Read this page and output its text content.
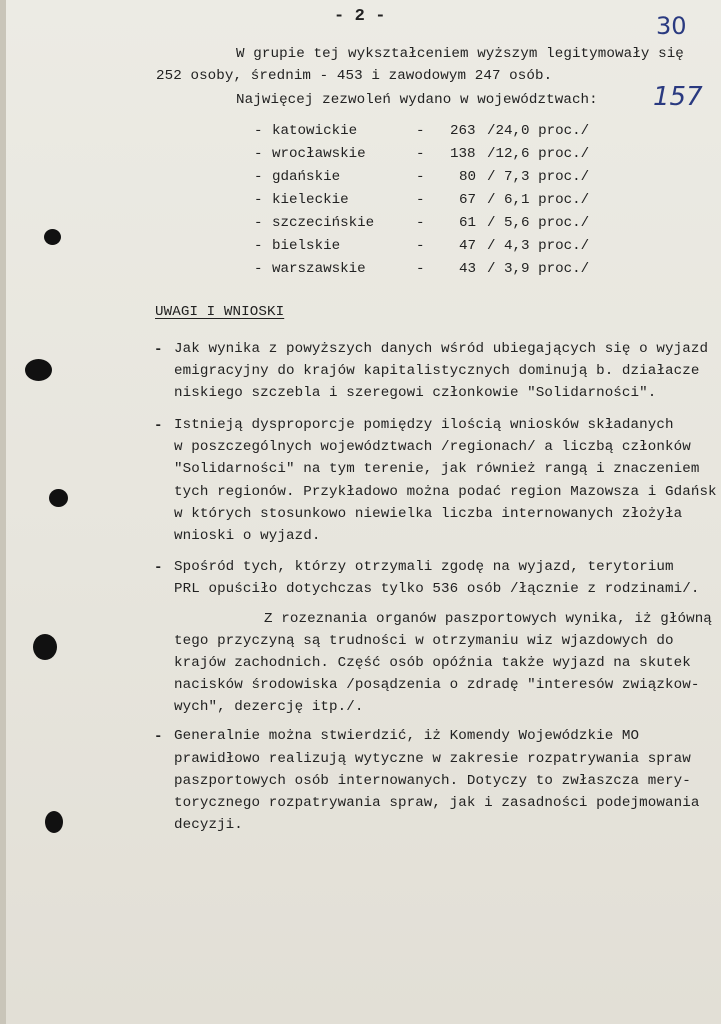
- 2 -	30
157
W grupie tej wykształceniem wyższym legitymowały się
252 osoby, średnim - 453 i zawodowym 247 osób.
Najwięcej zezwoleń wydano w województwach:
- katowickie	- 263 /24,0 proc./
- wrocławskie	- 138 /12,6 proc./
- gdańskie	- 80 / 7,3 proc./
- kieleckie	- 67 / 6,1 proc./
- szczecińskie	- 61 / 5,6 proc./
- bielskie	- 47 / 4,3 proc./
- warszawskie	- 43 / 3,9 proc./
UWAGI I WNIOSKI
- Jak wynika z powyższych danych wśród ubiegających się o wyjazd
emigracyjny do krajów kapitalistycznych dominują b. działacze
niskiego szczebla i szeregowi członkowie "Solidarności".
- Istnieją dysproporcje pomiędzy ilością wniosków składanych
w poszczególnych województwach /regionach/ a liczbą członków
"Solidarności" na tym terenie, jak również rangą i znaczeniem
tych regionów. Przykładowo można podać region Mazowsza i Gdańsk
w których stosunkowo niewielka liczba internowanych złożyła
wnioski o wyjazd.
- Spośród tych, którzy otrzymali zgodę na wyjazd, terytorium
PRL opuściło dotychczas tylko 536 osób /łącznie z rodzinami/.
Z rozeznania organów paszportowych wynika, iż główną
tego przyczyną są trudności w otrzymaniu wiz wjazdowych do
krajów zachodnich. Część osób opóźnia także wyjazd na skutek
nacisków środowiska /posądzenia o zdradę "interesów związkow-
wych", dezercję itp./.
- Generalnie można stwierdzić, iż Komendy Wojewódzkie MO
prawidłowo realizują wytyczne w zakresie rozpatrywania spraw
paszportowych osób internowanych. Dotyczy to zwłaszcza mery-
torycznego rozpatrywania spraw, jak i zasadności podejmowania
decyzji.
